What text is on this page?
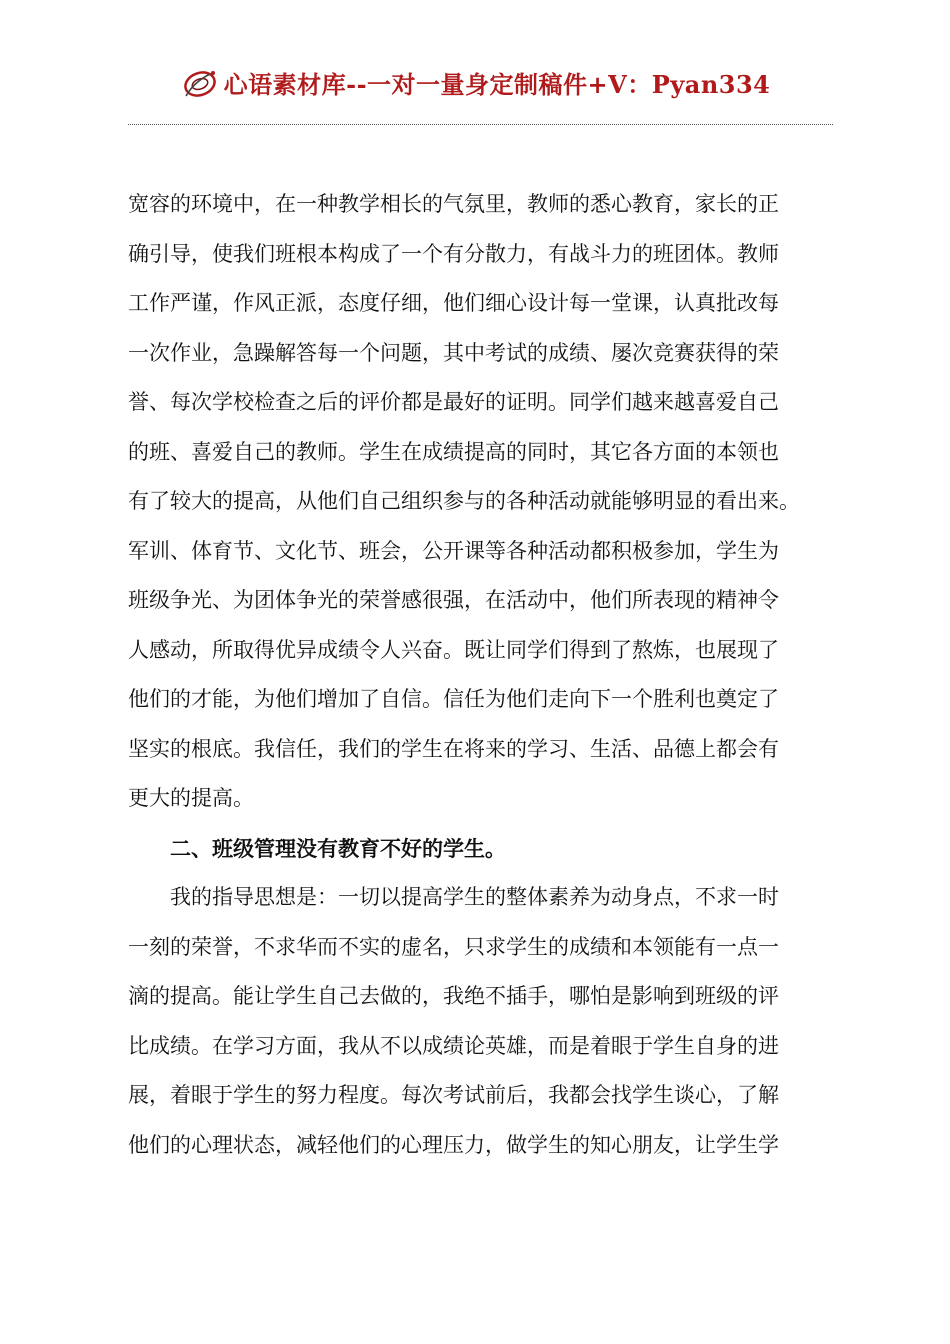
心语素材库--一对一量身定制稿件+V：Pyan334
宽容的环境中，在一种教学相长的气氛里，教师的悉心教育，家长的正
确引导，使我们班根本构成了一个有分散力，有战斗力的班团体。教师
工作严谨，作风正派，态度仔细，他们细心设计每一堂课，认真批改每
一次作业，急躁解答每一个问题，其中考试的成绩、屡次竞赛获得的荣
誉、每次学校检查之后的评价都是最好的证明。同学们越来越喜爱自己
的班、喜爱自己的教师。学生在成绩提高的同时，其它各方面的本领也
有了较大的提高，从他们自己组织参与的各种活动就能够明显的看出来。
军训、体育节、文化节、班会，公开课等各种活动都积极参加，学生为
班级争光、为团体争光的荣誉感很强，在活动中，他们所表现的精神令
人感动，所取得优异成绩令人兴奋。既让同学们得到了熬炼，也展现了
他们的才能，为他们增加了自信。信任为他们走向下一个胜利也奠定了
坚实的根底。我信任，我们的学生在将来的学习、生活、品德上都会有
更大的提高。
二、班级管理没有教育不好的学生。
我的指导思想是：一切以提高学生的整体素养为动身点，不求一时
一刻的荣誉，不求华而不实的虚名，只求学生的成绩和本领能有一点一
滴的提高。能让学生自己去做的，我绝不插手，哪怕是影响到班级的评
比成绩。在学习方面，我从不以成绩论英雄，而是着眼于学生自身的进
展，着眼于学生的努力程度。每次考试前后，我都会找学生谈心，了解
他们的心理状态，减轻他们的心理压力，做学生的知心朋友，让学生学
